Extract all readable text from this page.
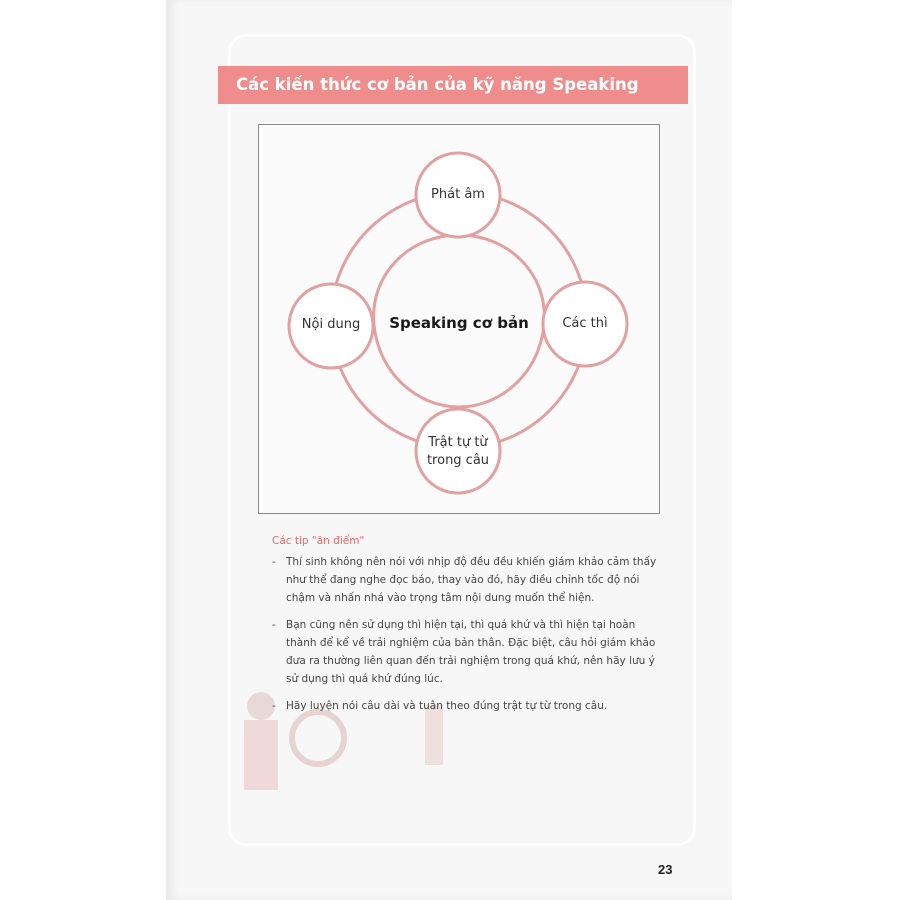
Các kiến thức cơ bản của kỹ năng Speaking
Phát âm
Các thì
Trật tự từ
trong câu
Nội dung	Speaking cơ bản
Các tip "ăn điểm"
- Thí sinh không nên nói với nhịp độ đều đều khiến giám khảo cảm thấy như thể đang nghe đọc báo, thay vào đó, hãy điều chỉnh tốc độ nói chậm và nhấn nhá vào trọng tâm nội dung muốn thể hiện.
- Bạn cũng nên sử dụng thì hiện tại, thì quá khứ và thì hiện tại hoàn thành để kể về trải nghiệm của bản thân. Đặc biệt, câu hỏi giám khảo đưa ra thường liên quan đến trải nghiệm trong quá khứ, nên hãy lưu ý sử dụng thì quá khứ đúng lúc.
- Hãy luyện nói câu dài và tuân theo đúng trật tự từ trong câu.
23
